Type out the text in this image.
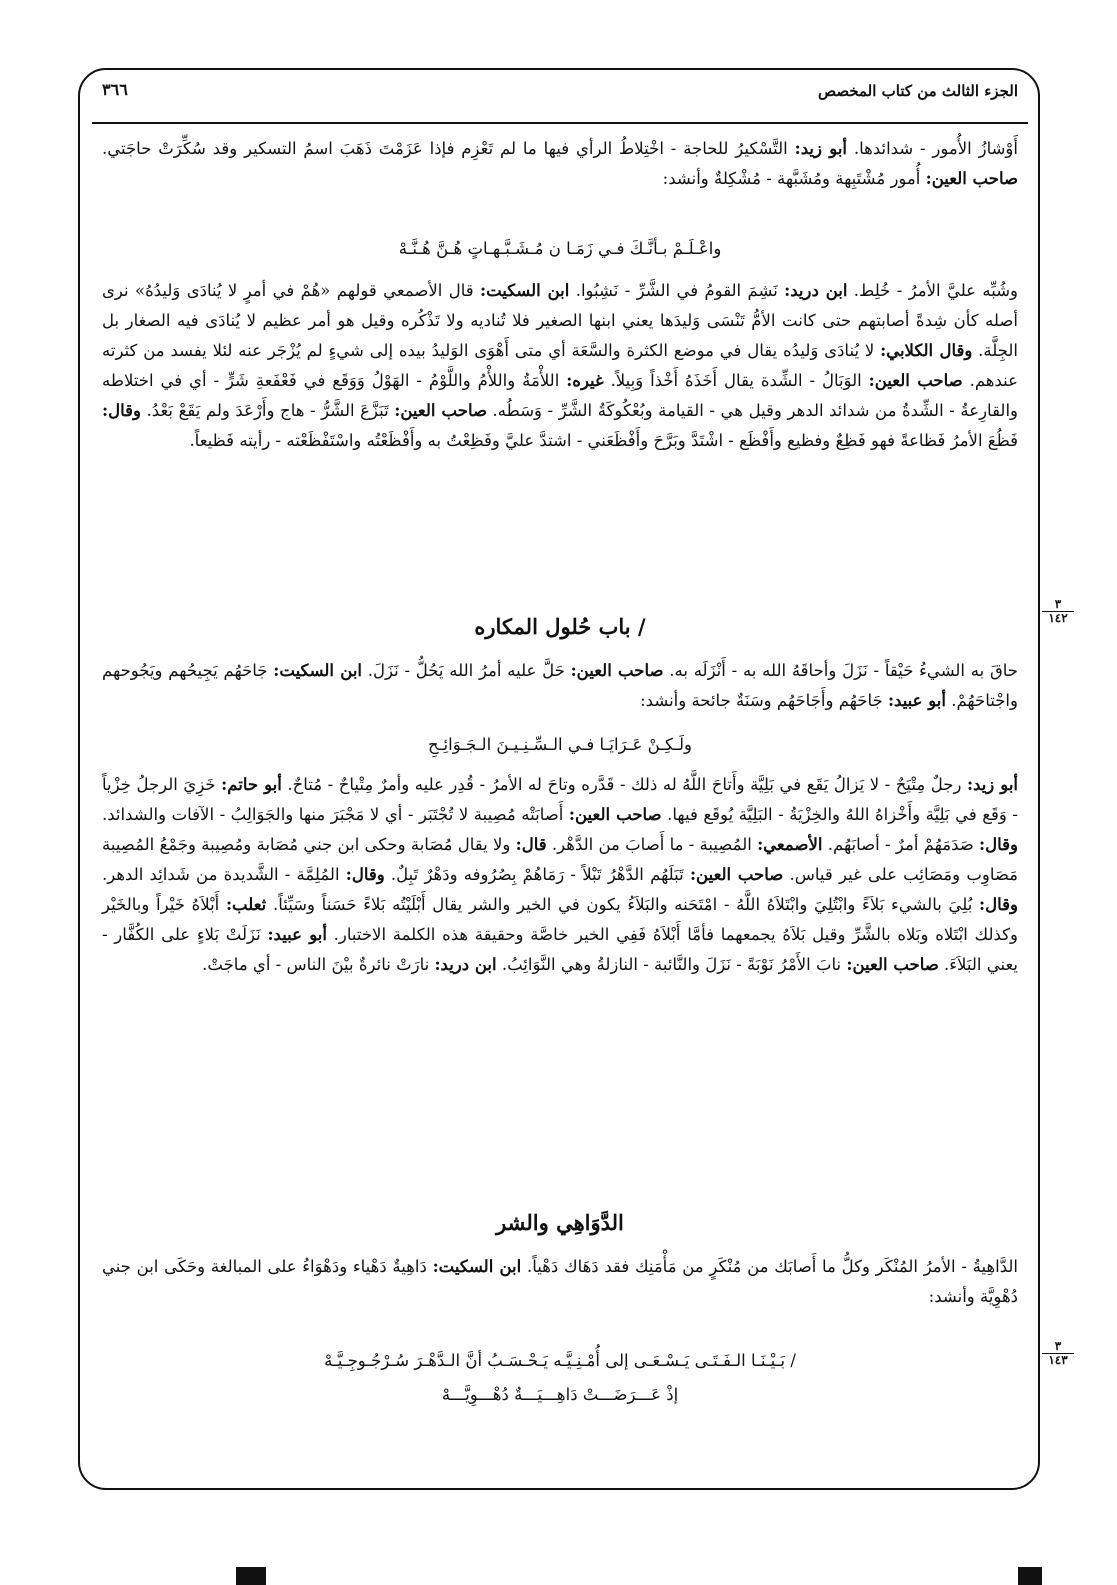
الجزء الثالث من كتاب المخصص
٣٦٦
أَوْشازُ الأُمور - شدائدها. أبو زيد: التَّسْكيرُ للحاجة - اخْتِلاطُ الرأي فيها ما لم تَعْزِم فإذا عَزَمْتَ ذَهَبَ اسمُ التسكير وقد سُكِّرَتْ حاجَتي. صاحب العين: أُمور مُشْتَبِهة ومُشَبَّهة - مُشْكِلةٌ وأنشد:
واعْـلَـمْ بـأنَّـكَ فـي زَمَـا ن مُـشَـبَّـهـاتٍ هُـنَّ هُـنَّـهْ
وشُبِّه عليَّ الأمرُ - خُلِط. ابن دريد: نَشِمَ القومُ في الشَّرِّ - نَشِبُوا. ابن السكيت: قال الأصمعي قولهم «هُمْ في أمرٍ لا يُنادَى وَليدُهُ» نرى أصله كأن شِدةً أصابتهم حتى كانت الأمُّ تَنْسَى وَليدَها يعني ابنها الصغير فلا تُناديه ولا تَذْكُره وقيل هو أمر عظيم لا يُنادَى فيه الصغار بل الجِلَّة. وقال الكلابي: لا يُنادَى وَليدُه يقال في موضع الكثرة والسَّعَة أي متى أَهْوَى الوَليدُ بيده إلى شيءٍ لم يُزْجَر عنه لئلا يفسد من كثرته عندهم. صاحب العين: الوَبَالُ - الشِّدة يقال أَخَذَهُ أَخْذاً وَبِيلاً. غيره: اللأْمَةُ واللأْمُ واللَّوْمُ - الهَوْلُ وَوَقَع في فَعْفَعةِ شَرٍّ - أي في اختلاطه والقارِعةُ - الشِّدةُ من شدائد الدهر وقيل هي - القيامة وبُعْكُوكَةُ الشَّرِّ - وَسَطُه. صاحب العين: تَبَزَّعَ الشَّرُّ - هاج وأَرْعَدَ ولم يَقَعْ بَعْدُ. وقال: فَظُعَ الأمرُ فَظاعةً فهو فَظِعٌ وفظيع وأَفْظَع - اشْتَدَّ وبَرَّحَ وأَفْظَعَني - اشتدَّ عليَّ وفَظِعْتُ به وأَفْظَعْتُه واسْتَفْظَعْته - رأيته فَظيعاً.
/ باب حُلول المكاره
٣
١٤٢
حاقَ به الشيءُ حَيْقاً - نَزَلَ وأحاقَهُ الله به - أَنْزَلَه به. صاحب العين: حَلَّ عليه أمرُ الله يَحُلُّ - نَزَلَ. ابن السكيت: جَاحَهُم يَجِيحُهم ويَجُوحهم واجْتاحَهُمْ. أبو عبيد: جَاحَهُم وأَجَاحَهُم وسَنَةٌ جائحة وأنشد:
ولَـكِـنْ عَـرَايَـا فـي الـسِّـنِـيـنَ الـجَـوَائِـحِ
أبو زيد: رجلٌ مِتْيَحٌ - لا يَزالُ يَقَع في بَلِيَّة وأَتاحَ اللَّهُ له ذلك - قَدَّره وتاحَ له الأمرُ - قُدِر عليه وأمرٌ مِتْياحٌ - مُتاحٌ. أبو حاتم: خَزِيَ الرجلُ خِزْياً - وَقَع في بَلِيَّة وأَخْزاهُ اللهُ والخِزْيَةُ - البَلِيَّة يُوقَع فيها. صاحب العين: أَصابَتْه مُصِيبة لا تُجْتَبَر - أي لا مَجْبَرَ منها والجَوَالِبُ - الآفات والشدائد. وقال: صَدَمَهُمْ أمرٌ - أصابَهُم. الأصمعي: المُصِيبة - ما أَصابَ من الدَّهْر. قال: ولا يقال مُصَابة وحكى ابن جني مُصَابة ومُصِيبة وجَمْعُ المُصِيبة مَصَاوِب ومَصَائِب على غير قياس. صاحب العين: تَبَلَهُم الدَّهْرُ تَبْلاً - رَمَاهُمْ بِصُرُوفه ودَهْرٌ تَبِلٌ. وقال: المُلِمَّة - الشَّديدة من شَدائِد الدهر. وقال: بُلِيَ بالشيء بَلاَءً وابْتُلِيَ وابْتَلاَهُ اللَّهُ - امْتَحَنه والبَلاَءُ يكون في الخير والشر يقال أَبْلَيْتُه بَلاءً حَسَناً وسَيِّئاً. ثعلب: أَبْلاَهُ خَيْراً وبالخَيْر وكذلك ابْتَلاه وبَلاه بالشَّرِّ وقيل بَلاَهُ يجمعهما فأمَّا أَبْلاَهُ فَفِي الخير خاصَّة وحقيقة هذه الكلمة الاختبار. أبو عبيد: نَزَلَتْ بَلاءٍ على الكُفَّار - يعني البَلاَءَ. صاحب العين: نابَ الأَمْرُ نَوْبَةً - نَزَلَ والنَّائبة - النازلةُ وهي النَّوَائِبُ. ابن دريد: نارَتْ نائرةٌ بيْنَ الناس - أي ماجَتْ.
الدَّوَاهِي والشر
الدَّاهِيةُ - الأمرُ المُنْكَر وكلُّ ما أَصابَك من مُنْكَرٍ من مَأْمَنِك فقد دَهَاك دَهْياً. ابن السكيت: دَاهِيةٌ دَهْياء ودَهْوَاءُ على المبالغة وحَكَى ابن جني دُهْوِيَّة وأنشد:
٣
١٤٣
/ بَـيْـنَـا الـفَـتَـى يَـسْـعَـى إلى أُمْـنِـيَّـه يَـحْـسَـبُ أنَّ الـدَّهْـرَ سُـرْجُـوجِـيَّـهْ
إذْ عَـــرَضَـــتْ دَاهِـــيَـــةٌ دُهْـــوِيَّـــهْ
